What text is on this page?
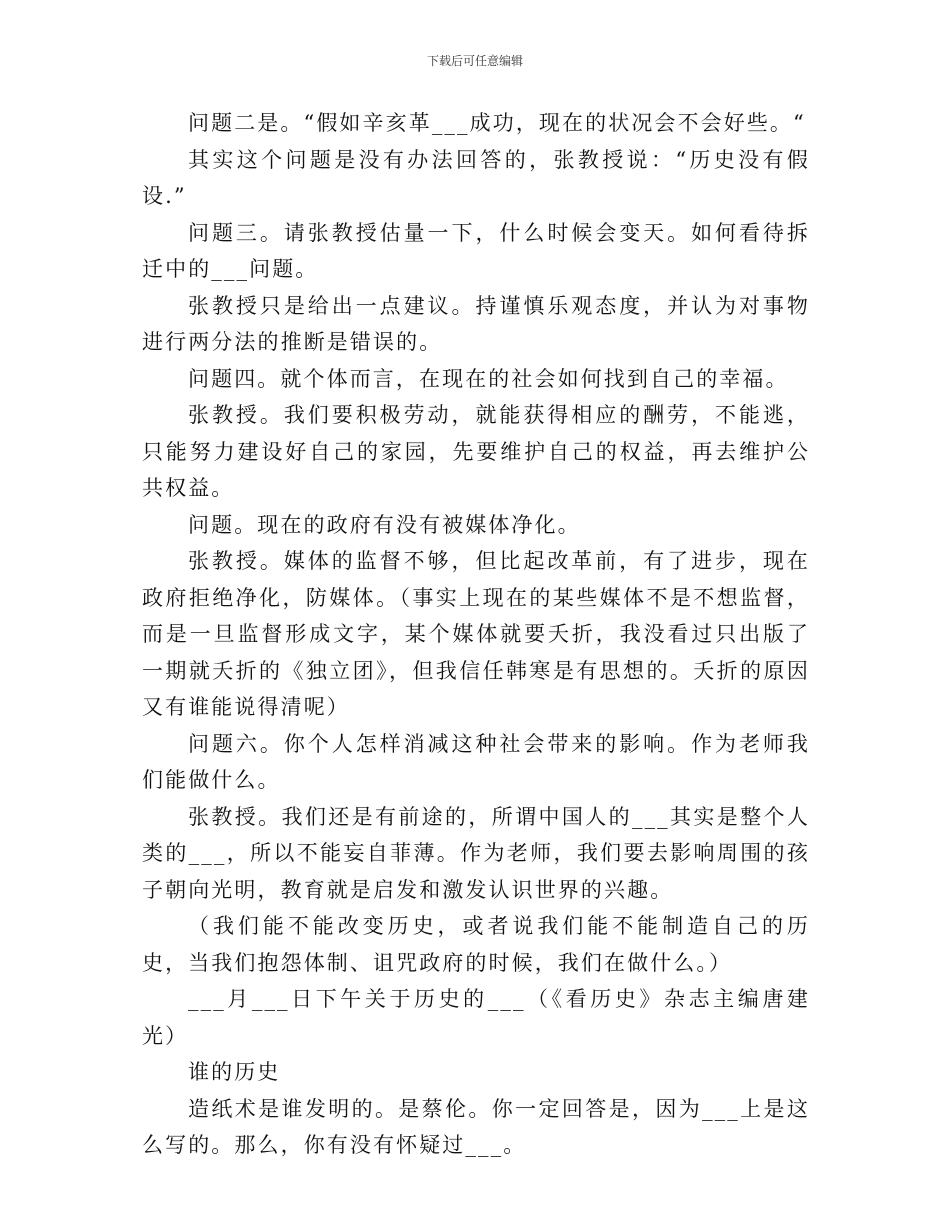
下载后可任意编辑

问题二是。“假如辛亥革___成功，现在的状况会不会好些。“

其实这个问题是没有办法回答的，张教授说：“历史没有假设.”

问题三。请张教授估量一下，什么时候会变天。如何看待拆迁中的___问题。

张教授只是给出一点建议。持谨慎乐观态度，并认为对事物进行两分法的推断是错误的。

问题四。就个体而言，在现在的社会如何找到自己的幸福。

张教授。我们要积极劳动，就能获得相应的酬劳，不能逃，只能努力建设好自己的家园，先要维护自己的权益，再去维护公共权益。

问题。现在的政府有没有被媒体净化。

张教授。媒体的监督不够，但比起改革前，有了进步，现在政府拒绝净化，防媒体。（事实上现在的某些媒体不是不想监督，而是一旦监督形成文字，某个媒体就要夭折，我没看过只出版了一期就夭折的《独立团》，但我信任韩寒是有思想的。夭折的原因又有谁能说得清呢）

问题六。你个人怎样消减这种社会带来的影响。作为老师我们能做什么。

张教授。我们还是有前途的，所谓中国人的___其实是整个人类的___，所以不能妄自菲薄。作为老师，我们要去影响周围的孩子朝向光明，教育就是启发和激发认识世界的兴趣。

（我们能不能改变历史，或者说我们能不能制造自己的历史，当我们抱怨体制、诅咒政府的时候，我们在做什么。）

___月___日下午关于历史的___（《看历史》杂志主编唐建光）

谁的历史

造纸术是谁发明的。是蔡伦。你一定回答是，因为___上是这么写的。那么，你有没有怀疑过___。
